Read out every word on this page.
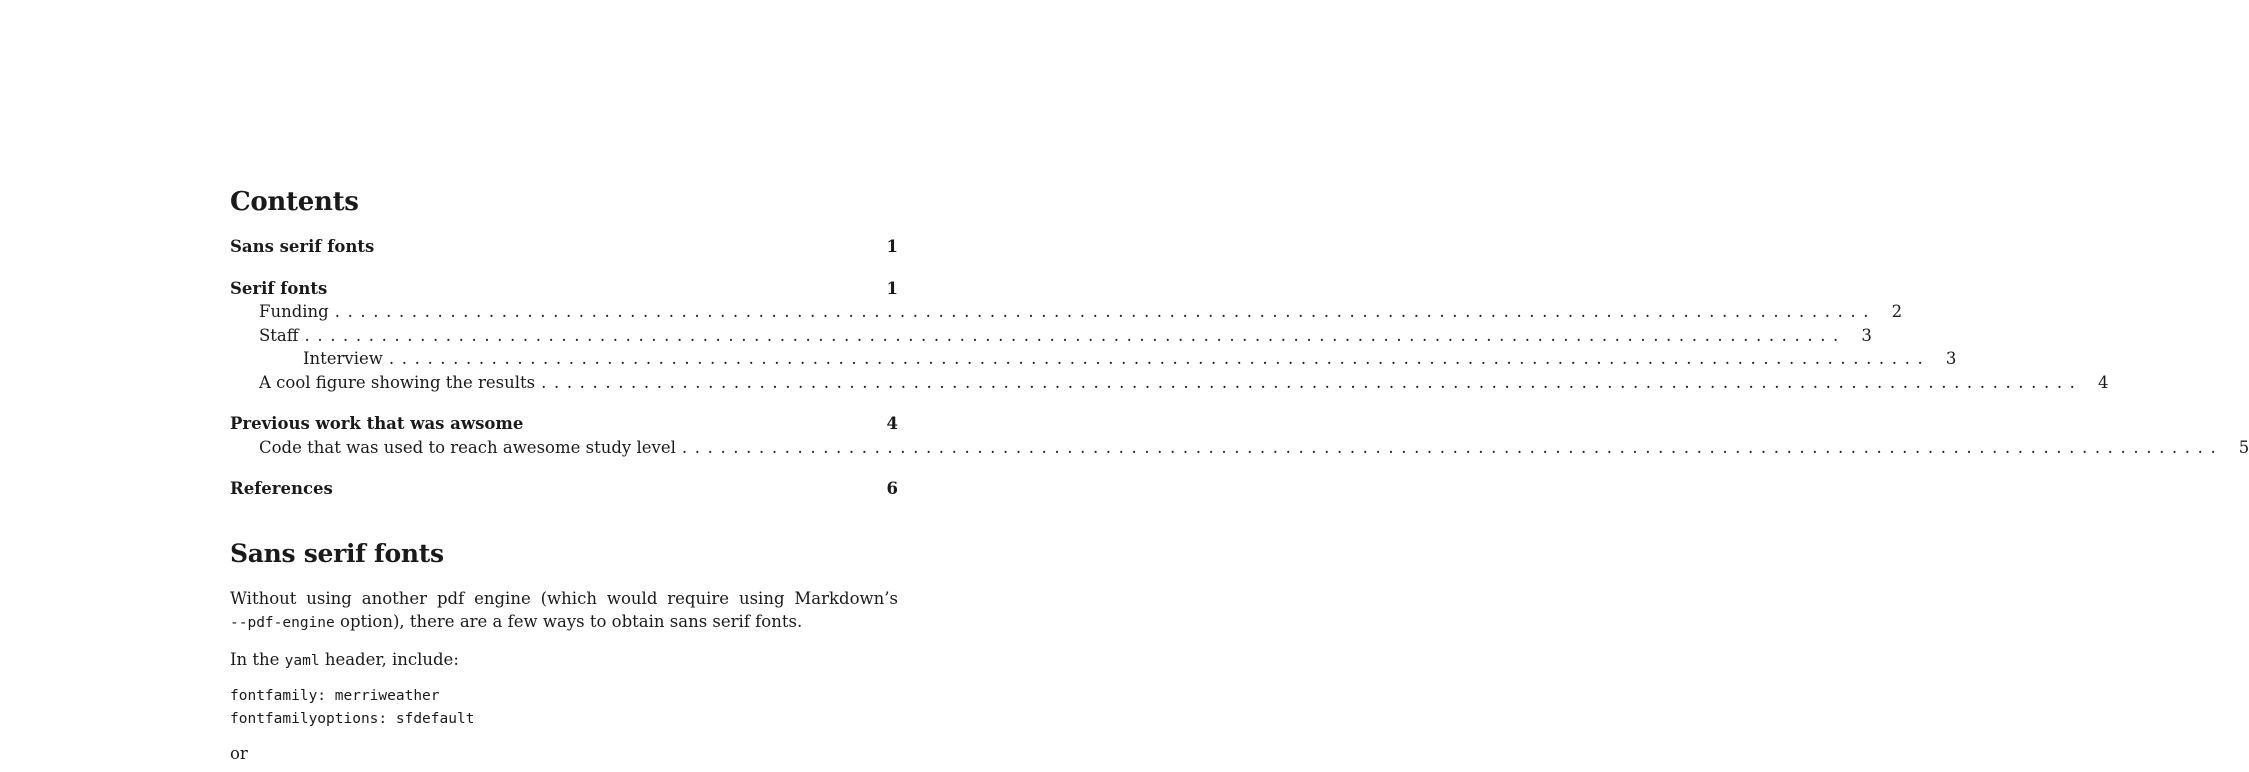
Contents
Sans serif fonts	1
Serif fonts	1
Funding ........................................................................................................................ 2
Staff ........................................................................................................................ 3
Interview ........................................................................................................................ 3
A cool figure showing the results ........................................................................................................................ 4
Previous work that was awsome	4
Code that was used to reach awesome study level ........................................................................................................................ 5
References	6
Sans serif fonts

Without using another pdf engine (which would require using Markdown’s

--pdf-engine option), there are a few ways to obtain sans serif fonts.

In the yaml header, include:

fontfamily: merriweather
fontfamilyoptions: sfdefault

or
